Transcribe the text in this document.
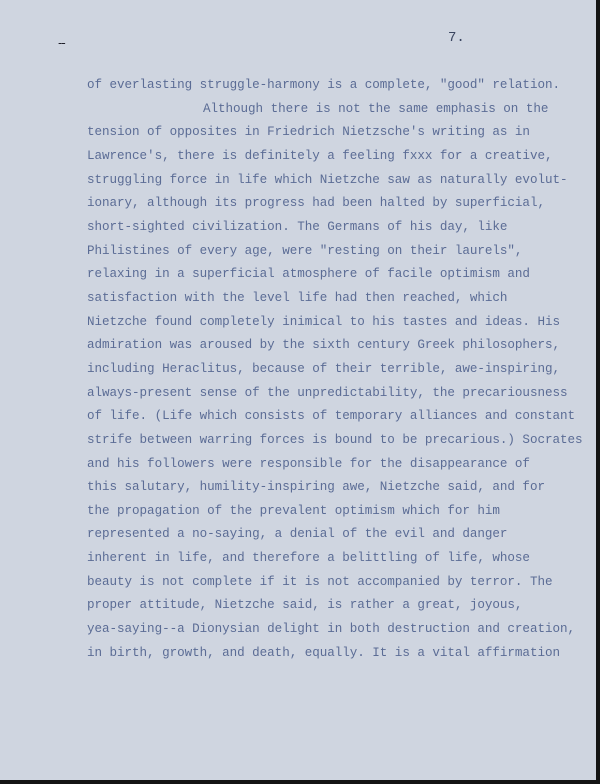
--	7.
of everlasting struggle-harmony is a complete, "good" relation.
Although there is not the same emphasis on the
tension of opposites in Friedrich Nietzsche's writing as in
Lawrence's, there is definitely a feeling fxxx for a creative,
struggling force in life which Nietzche saw as naturally evolut-
ionary, although its progress had been halted by superficial,
short-sighted civilization. The Germans of his day, like
Philistines of every age, were "resting on their laurels",
relaxing in a superficial atmosphere of facile optimism and
satisfaction with the level life had then reached, which
Nietzche found completely inimical to his tastes and ideas. His
admiration was aroused by the sixth century Greek philosophers,
including Heraclitus, because of their terrible, awe-inspiring,
always-present sense of the unpredictability, the precariousness
of life. (Life which consists of temporary alliances and constant
strife between warring forces is bound to be precarious.) Socrates
and his followers were responsible for the disappearance of
this salutary, humility-inspiring awe, Nietzche said, and for
the propagation of the prevalent optimism which for him
represented a no-saying, a denial of the evil and danger
inherent in life, and therefore a belittling of life, whose
beauty is not complete if it is not accompanied by terror. The
proper attitude, Nietzche said, is rather a great, joyous,
yea-saying--a Dionysian delight in both destruction and creation,
in birth, growth, and death, equally. It is a vital affirmation
